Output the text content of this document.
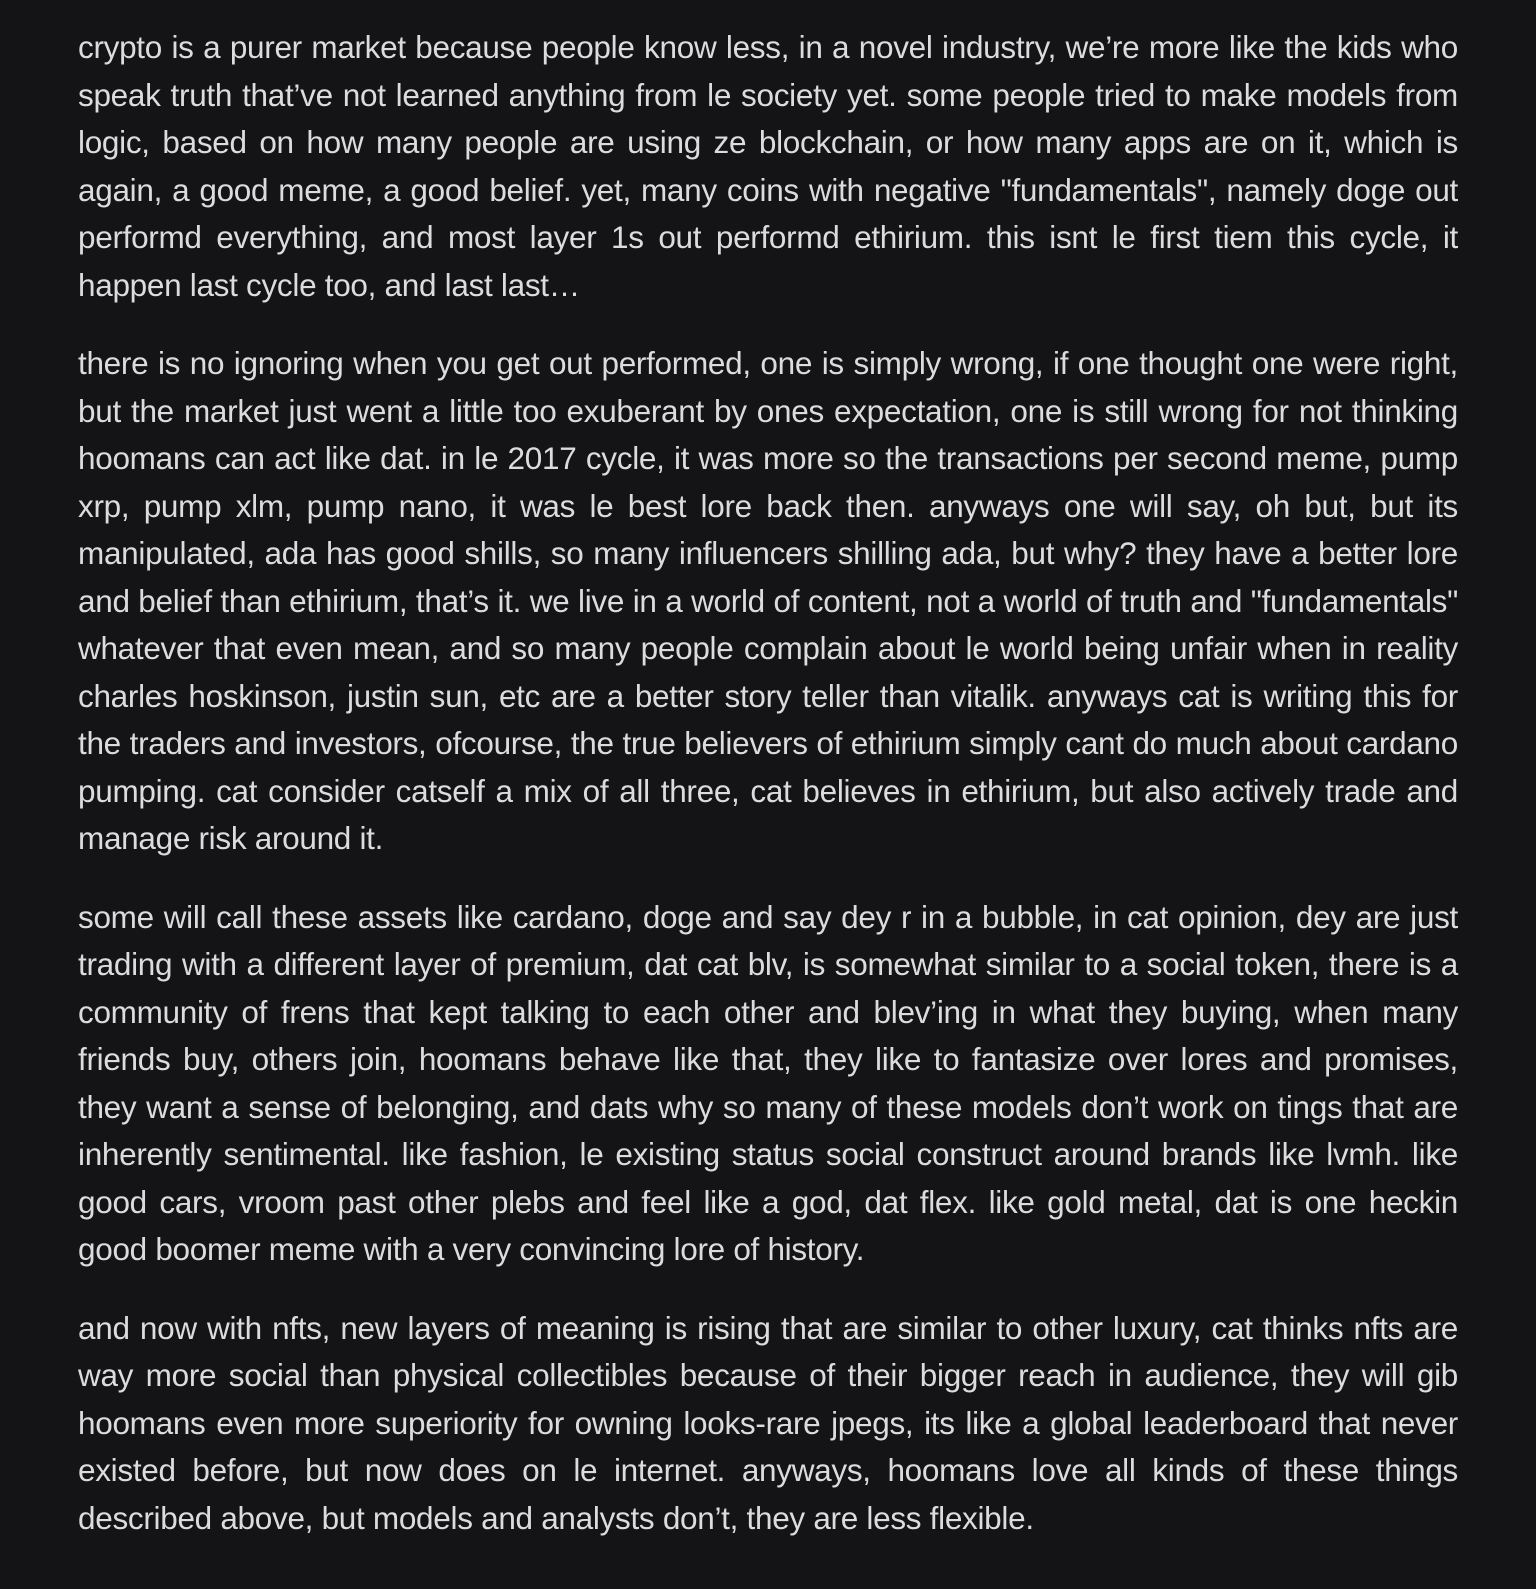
crypto is a purer market because people know less, in a novel industry, we’re more like the kids who speak truth that’ve not learned anything from le society yet. some people tried to make models from logic, based on how many people are using ze blockchain, or how many apps are on it, which is again, a good meme, a good belief. yet, many coins with negative "fundamentals", namely doge out performd everything, and most layer 1s out performd ethirium. this isnt le first tiem this cycle, it happen last cycle too, and last last…

there is no ignoring when you get out performed, one is simply wrong, if one thought one were right, but the market just went a little too exuberant by ones expectation, one is still wrong for not thinking hoomans can act like dat. in le 2017 cycle, it was more so the transactions per second meme, pump xrp, pump xlm, pump nano, it was le best lore back then. anyways one will say, oh but, but its manipulated, ada has good shills, so many influencers shilling ada, but why? they have a better lore and belief than ethirium, that’s it. we live in a world of content, not a world of truth and "fundamentals" whatever that even mean, and so many people complain about le world being unfair when in reality charles hoskinson, justin sun, etc are a better story teller than vitalik. anyways cat is writing this for the traders and investors, ofcourse, the true believers of ethirium simply cant do much about cardano pumping. cat consider catself a mix of all three, cat believes in ethirium, but also actively trade and manage risk around it.

some will call these assets like cardano, doge and say dey r in a bubble, in cat opinion, dey are just trading with a different layer of premium, dat cat blv, is somewhat similar to a social token, there is a community of frens that kept talking to each other and blev’ing in what they buying, when many friends buy, others join, hoomans behave like that, they like to fantasize over lores and promises, they want a sense of belonging, and dats why so many of these models don’t work on tings that are inherently sentimental. like fashion, le existing status social construct around brands like lvmh. like good cars, vroom past other plebs and feel like a god, dat flex. like gold metal, dat is one heckin good boomer meme with a very convincing lore of history.

and now with nfts, new layers of meaning is rising that are similar to other luxury, cat thinks nfts are way more social than physical collectibles because of their bigger reach in audience, they will gib hoomans even more superiority for owning looks-rare jpegs, its like a global leaderboard that never existed before, but now does on le internet. anyways, hoomans love all kinds of these things described above, but models and analysts don’t, they are less flexible.
